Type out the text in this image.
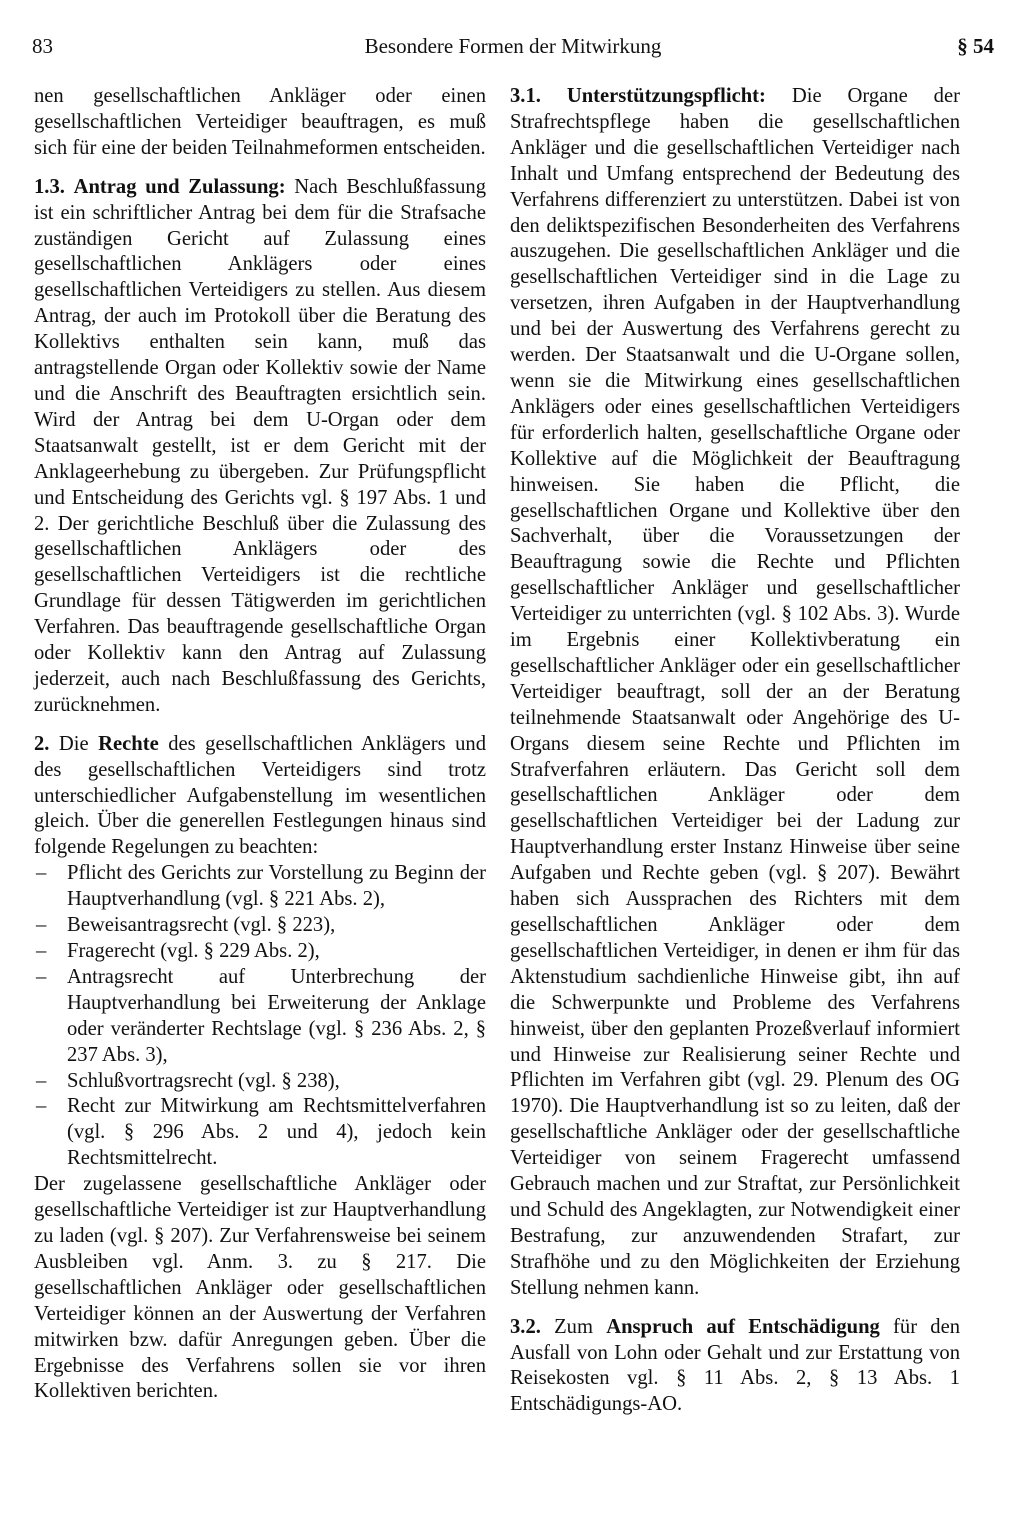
83	Besondere Formen der Mitwirkung	§ 54

nen gesellschaftlichen Ankläger oder einen gesellschaftlichen Verteidiger beauftragen, es muß sich für eine der beiden Teilnahmeformen entscheiden.

1.3. Antrag und Zulassung: Nach Beschlußfassung ist ein schriftlicher Antrag bei dem für die Strafsache zuständigen Gericht auf Zulassung eines gesellschaftlichen Anklägers oder eines gesellschaftlichen Verteidigers zu stellen. Aus diesem Antrag, der auch im Protokoll über die Beratung des Kollektivs enthalten sein kann, muß das antragstellende Organ oder Kollektiv sowie der Name und die Anschrift des Beauftragten ersichtlich sein. Wird der Antrag bei dem U-Organ oder dem Staatsanwalt gestellt, ist er dem Gericht mit der Anklageerhebung zu übergeben. Zur Prüfungspflicht und Entscheidung des Gerichts vgl. § 197 Abs. 1 und 2. Der gerichtliche Beschluß über die Zulassung des gesellschaftlichen Anklägers oder des gesellschaftlichen Verteidigers ist die rechtliche Grundlage für dessen Tätigwerden im gerichtlichen Verfahren. Das beauftragende gesellschaftliche Organ oder Kollektiv kann den Antrag auf Zulassung jederzeit, auch nach Beschlußfassung des Gerichts, zurücknehmen.

2. Die Rechte des gesellschaftlichen Anklägers und des gesellschaftlichen Verteidigers sind trotz unterschiedlicher Aufgabenstellung im wesentlichen gleich. Über die generellen Festlegungen hinaus sind folgende Regelungen zu beachten:

– Pflicht des Gerichts zur Vorstellung zu Beginn der Hauptverhandlung (vgl. § 221 Abs. 2),
– Beweisantragsrecht (vgl. § 223),
– Fragerecht (vgl. § 229 Abs. 2),
– Antragsrecht auf Unterbrechung der Hauptverhandlung bei Erweiterung der Anklage oder veränderter Rechtslage (vgl. § 236 Abs. 2, § 237 Abs. 3),
– Schlußvortragsrecht (vgl. § 238),
– Recht zur Mitwirkung am Rechtsmittelverfahren (vgl. § 296 Abs. 2 und 4), jedoch kein Rechtsmittelrecht.

Der zugelassene gesellschaftliche Ankläger oder gesellschaftliche Verteidiger ist zur Hauptverhandlung zu laden (vgl. § 207). Zur Verfahrensweise bei seinem Ausbleiben vgl. Anm. 3. zu § 217. Die gesellschaftlichen Ankläger oder gesellschaftlichen Verteidiger können an der Auswertung der Verfahren mitwirken bzw. dafür Anregungen geben. Über die Ergebnisse des Verfahrens sollen sie vor ihren Kollektiven berichten.

3.1. Unterstützungspflicht: Die Organe der Strafrechtspflege haben die gesellschaftlichen Ankläger und die gesellschaftlichen Verteidiger nach Inhalt und Umfang entsprechend der Bedeutung des Verfahrens differenziert zu unterstützen. Dabei ist von den deliktspezifischen Besonderheiten des Verfahrens auszugehen. Die gesellschaftlichen Ankläger und die gesellschaftlichen Verteidiger sind in die Lage zu versetzen, ihren Aufgaben in der Hauptverhandlung und bei der Auswertung des Verfahrens gerecht zu werden. Der Staatsanwalt und die U-Organe sollen, wenn sie die Mitwirkung eines gesellschaftlichen Anklägers oder eines gesellschaftlichen Verteidigers für erforderlich halten, gesellschaftliche Organe oder Kollektive auf die Möglichkeit der Beauftragung hinweisen. Sie haben die Pflicht, die gesellschaftlichen Organe und Kollektive über den Sachverhalt, über die Voraussetzungen der Beauftragung sowie die Rechte und Pflichten gesellschaftlicher Ankläger und gesellschaftlicher Verteidiger zu unterrichten (vgl. § 102 Abs. 3). Wurde im Ergebnis einer Kollektivberatung ein gesellschaftlicher Ankläger oder ein gesellschaftlicher Verteidiger beauftragt, soll der an der Beratung teilnehmende Staatsanwalt oder Angehörige des U-Organs diesem seine Rechte und Pflichten im Strafverfahren erläutern. Das Gericht soll dem gesellschaftlichen Ankläger oder dem gesellschaftlichen Verteidiger bei der Ladung zur Hauptverhandlung erster Instanz Hinweise über seine Aufgaben und Rechte geben (vgl. § 207). Bewährt haben sich Aussprachen des Richters mit dem gesellschaftlichen Ankläger oder dem gesellschaftlichen Verteidiger, in denen er ihm für das Aktenstudium sachdienliche Hinweise gibt, ihn auf die Schwerpunkte und Probleme des Verfahrens hinweist, über den geplanten Prozeßverlauf informiert und Hinweise zur Realisierung seiner Rechte und Pflichten im Verfahren gibt (vgl. 29. Plenum des OG 1970). Die Hauptverhandlung ist so zu leiten, daß der gesellschaftliche Ankläger oder der gesellschaftliche Verteidiger von seinem Fragerecht umfassend Gebrauch machen und zur Straftat, zur Persönlichkeit und Schuld des Angeklagten, zur Notwendigkeit einer Bestrafung, zur anzuwendenden Strafart, zur Strafhöhe und zu den Möglichkeiten der Erziehung Stellung nehmen kann.

3.2. Zum Anspruch auf Entschädigung für den Ausfall von Lohn oder Gehalt und zur Erstattung von Reisekosten vgl. § 11 Abs. 2, § 13 Abs. 1 Entschädigungs-AO.
